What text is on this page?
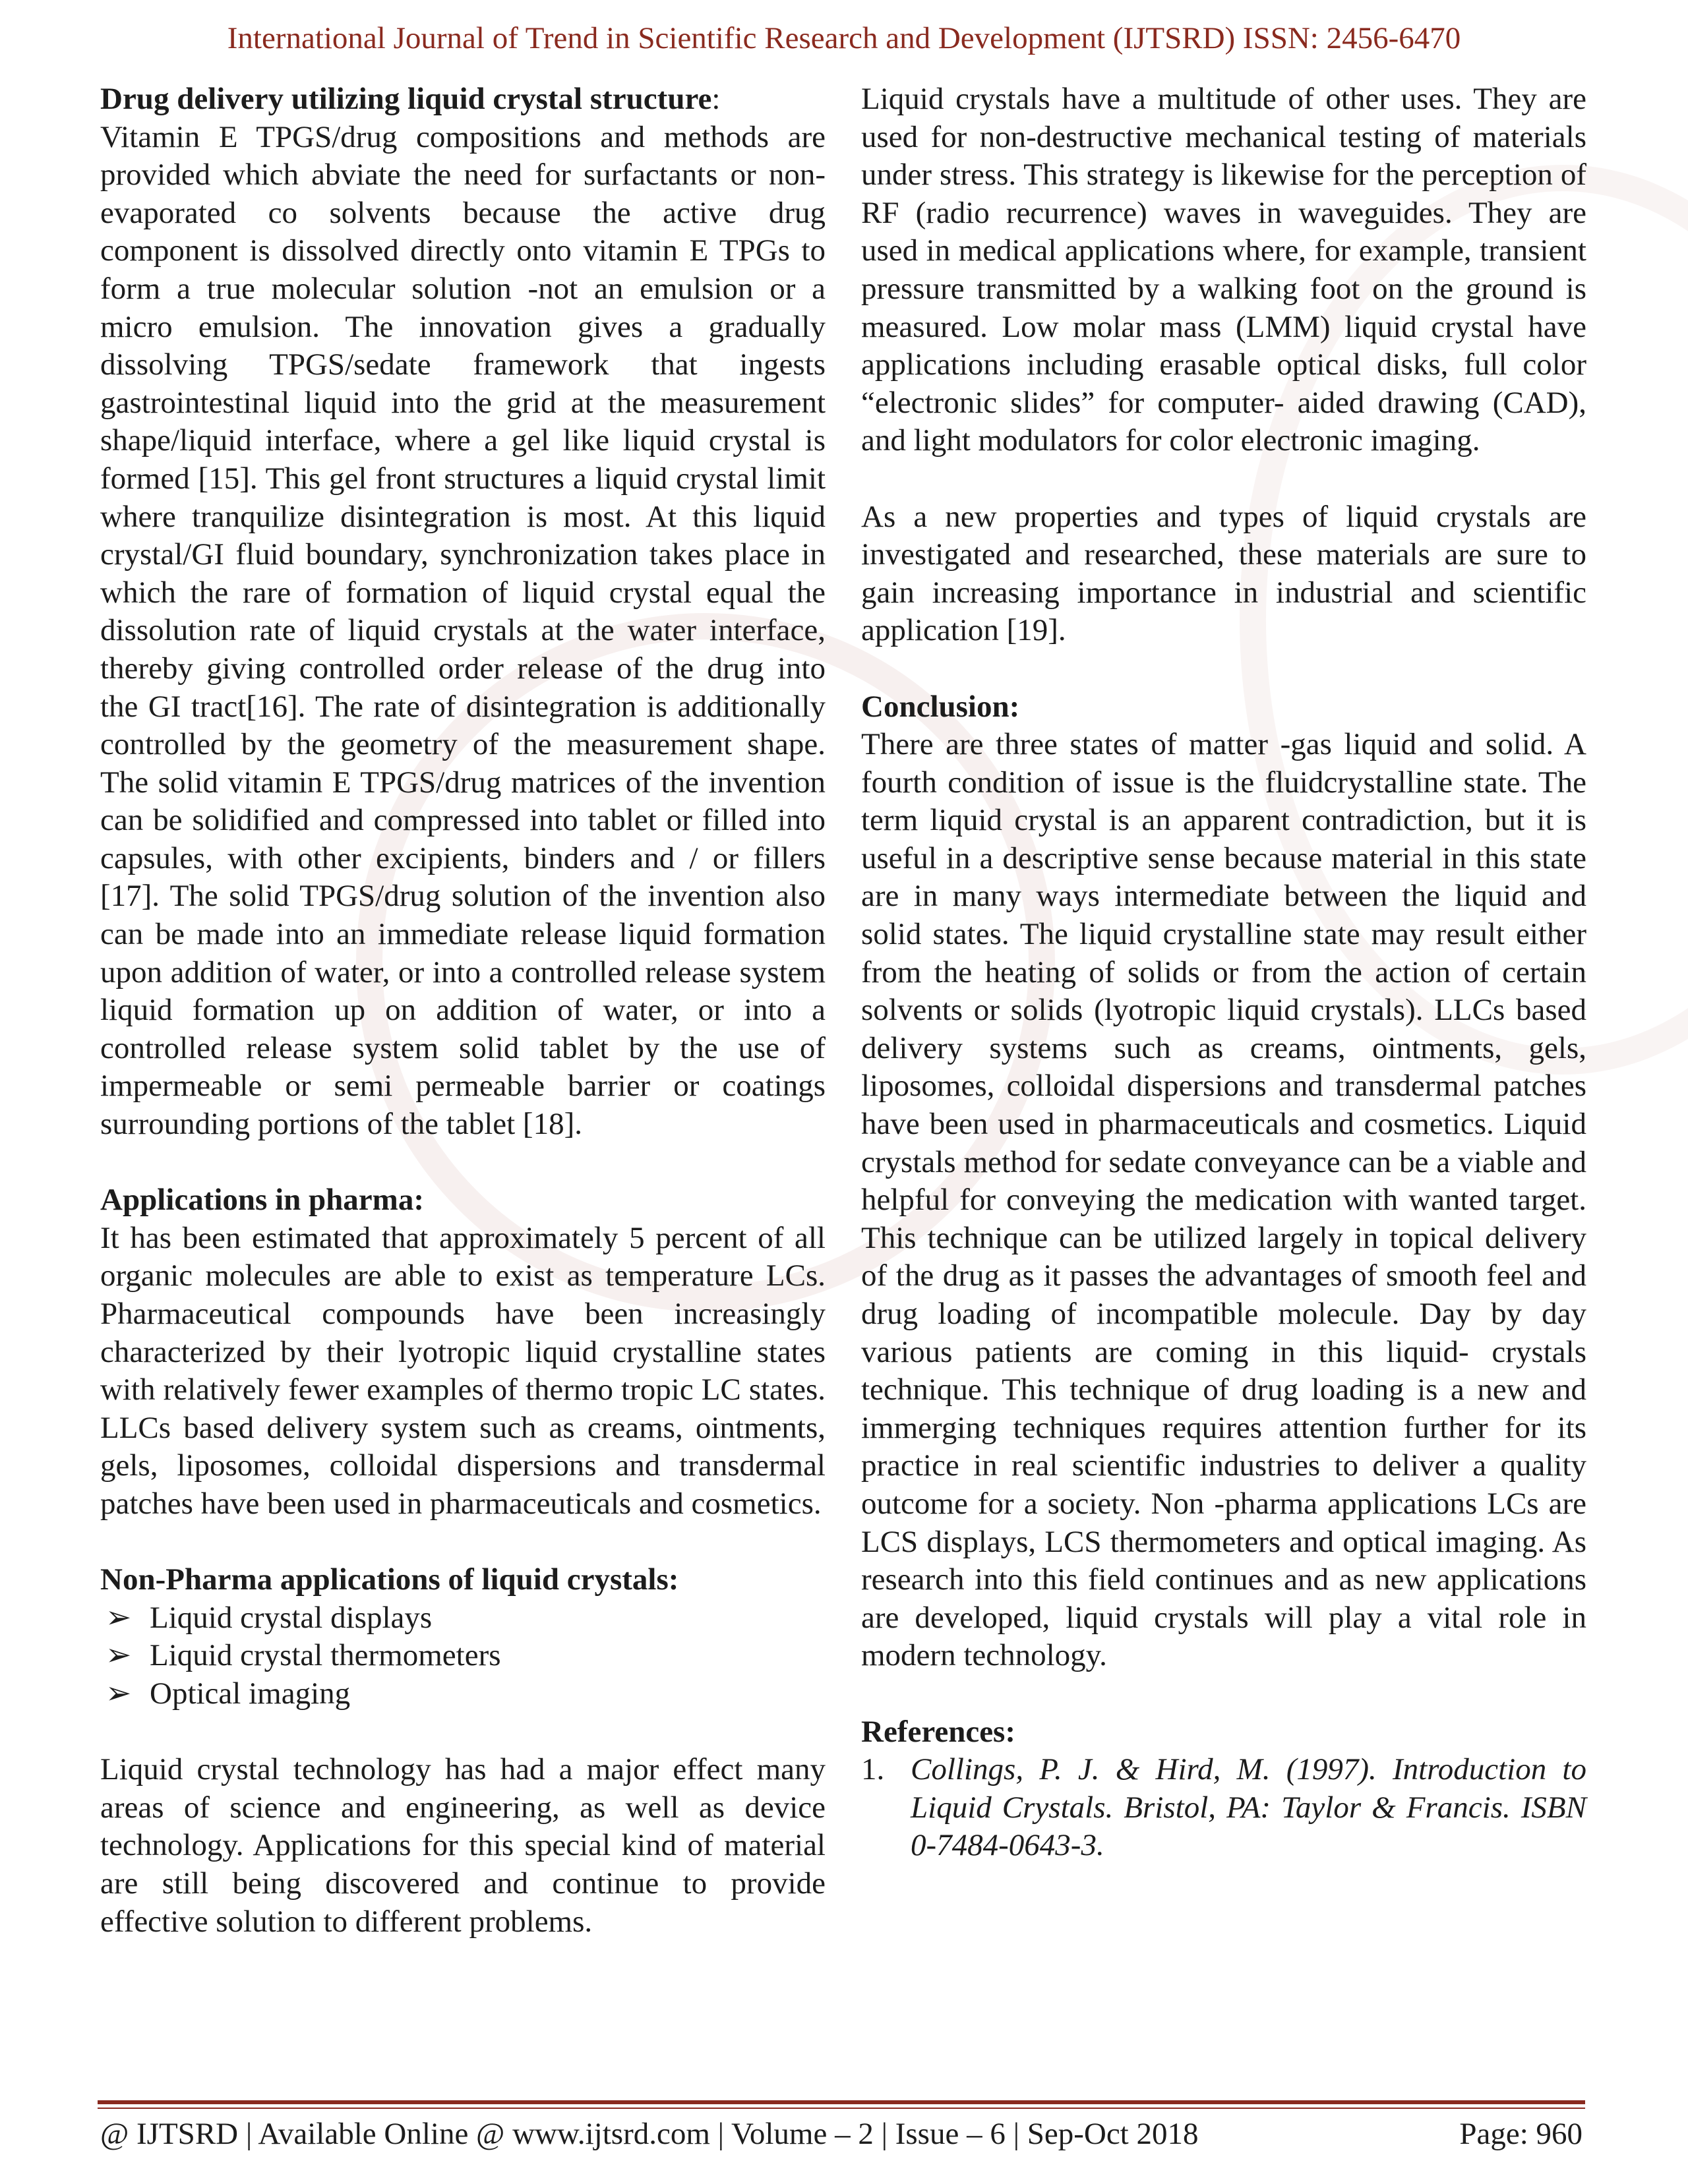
International Journal of Trend in Scientific Research and Development (IJTSRD) ISSN: 2456-6470

Drug delivery utilizing liquid crystal structure:

Vitamin E TPGS/drug compositions and methods are provided which abviate the need for surfactants or non-evaporated co solvents because the active drug component is dissolved directly onto vitamin E TPGs to form a true molecular solution -not an emulsion or a micro emulsion. The innovation gives a gradually dissolving TPGS/sedate framework that ingests gastrointestinal liquid into the grid at the measurement shape/liquid interface, where a gel like liquid crystal is formed [15]. This gel front structures a liquid crystal limit where tranquilize disintegration is most. At this liquid crystal/GI fluid boundary, synchronization takes place in which the rare of formation of liquid crystal equal the dissolution rate of liquid crystals at the water interface, thereby giving controlled order release of the drug into the GI tract[16]. The rate of disintegration is additionally controlled by the geometry of the measurement shape. The solid vitamin E TPGS/drug matrices of the invention can be solidified and compressed into tablet or filled into capsules, with other excipients, binders and / or fillers [17]. The solid TPGS/drug solution of the invention also can be made into an immediate release liquid formation upon addition of water, or into a controlled release system liquid formation up on addition of water, or into a controlled release system solid tablet by the use of impermeable or semi permeable barrier or coatings surrounding portions of the tablet [18].

Applications in pharma:

It has been estimated that approximately 5 percent of all organic molecules are able to exist as temperature LCs. Pharmaceutical compounds have been increasingly characterized by their lyotropic liquid crystalline states with relatively fewer examples of thermo tropic LC states. LLCs based delivery system such as creams, ointments, gels, liposomes, colloidal dispersions and transdermal patches have been used in pharmaceuticals and cosmetics.

Non-Pharma applications of liquid crystals:

➢ Liquid crystal displays
➢ Liquid crystal thermometers
➢ Optical imaging

Liquid crystal technology has had a major effect many areas of science and engineering, as well as device technology. Applications for this special kind of material are still being discovered and continue to provide effective solution to different problems.

Liquid crystals have a multitude of other uses. They are used for non-destructive mechanical testing of materials under stress. This strategy is likewise for the perception of RF (radio recurrence) waves in waveguides. They are used in medical applications where, for example, transient pressure transmitted by a walking foot on the ground is measured. Low molar mass (LMM) liquid crystal have applications including erasable optical disks, full color “electronic slides” for computer- aided drawing (CAD), and light modulators for color electronic imaging.

As a new properties and types of liquid crystals are investigated and researched, these materials are sure to gain increasing importance in industrial and scientific application [19].

Conclusion:

There are three states of matter -gas liquid and solid. A fourth condition of issue is the fluidcrystalline state. The term liquid crystal is an apparent contradiction, but it is useful in a descriptive sense because material in this state are in many ways intermediate between the liquid and solid states. The liquid crystalline state may result either from the heating of solids or from the action of certain solvents or solids (lyotropic liquid crystals). LLCs based delivery systems such as creams, ointments, gels, liposomes, colloidal dispersions and transdermal patches have been used in pharmaceuticals and cosmetics. Liquid crystals method for sedate conveyance can be a viable and helpful for conveying the medication with wanted target. This technique can be utilized largely in topical delivery of the drug as it passes the advantages of smooth feel and drug loading of incompatible molecule. Day by day various patients are coming in this liquid- crystals technique. This technique of drug loading is a new and immerging techniques requires attention further for its practice in real scientific industries to deliver a quality outcome for a society. Non -pharma applications LCs are LCS displays, LCS thermometers and optical imaging. As research into this field continues and as new applications are developed, liquid crystals will play a vital role in modern technology.

References:

1. Collings, P. J. & Hird, M. (1997). Introduction to Liquid Crystals. Bristol, PA: Taylor & Francis. ISBN 0-7484-0643-3.
@ IJTSRD | Available Online @ www.ijtsrd.com | Volume – 2 | Issue – 6 | Sep-Oct 2018	Page: 960
